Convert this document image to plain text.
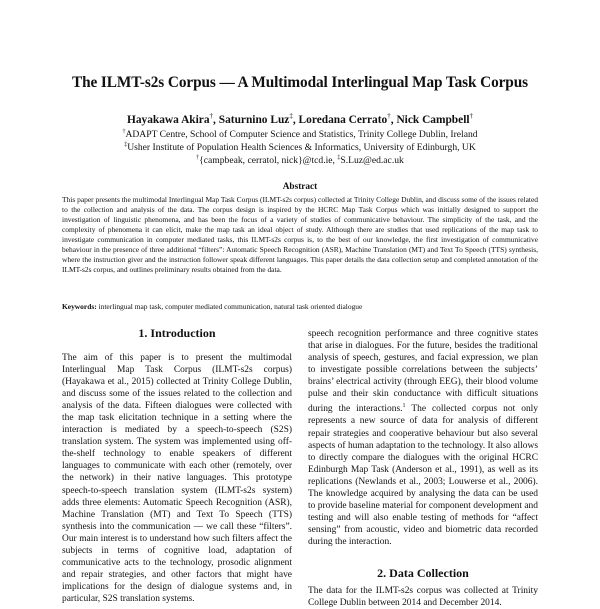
The ILMT-s2s Corpus — A Multimodal Interlingual Map Task Corpus
Hayakawa Akira†, Saturnino Luz‡, Loredana Cerrato†, Nick Campbell†
†ADAPT Centre, School of Computer Science and Statistics, Trinity College Dublin, Ireland
‡Usher Institute of Population Health Sciences & Informatics, University of Edinburgh, UK
†{campbeak, cerratol, nick}@tcd.ie, ‡S.Luz@ed.ac.uk
Abstract

This paper presents the multimodal Interlingual Map Task Corpus (ILMT-s2s corpus) collected at Trinity College Dublin, and discuss some of the issues related to the collection and analysis of the data. The corpus design is inspired by the HCRC Map Task Corpus which was initially designed to support the investigation of linguistic phenomena, and has been the focus of a variety of studies of communicative behaviour. The simplicity of the task, and the complexity of phenomena it can elicit, make the map task an ideal object of study. Although there are studies that used replications of the map task to investigate communication in computer mediated tasks, this ILMT-s2s corpus is, to the best of our knowledge, the first investigation of communicative behaviour in the presence of three additional “filters”: Automatic Speech Recognition (ASR), Machine Translation (MT) and Text To Speech (TTS) synthesis, where the instruction giver and the instruction follower speak different languages. This paper details the data collection setup and completed annotation of the ILMT-s2s corpus, and outlines preliminary results obtained from the data.

Keywords: interlingual map task, computer mediated communication, natural task oriented dialogue

1. Introduction

The aim of this paper is to present the multimodal Interlingual Map Task Corpus (ILMT-s2s corpus) (Hayakawa et al., 2015) collected at Trinity College Dublin, and discuss some of the issues related to the collection and analysis of the data. Fifteen dialogues were collected with the map task elicitation technique in a setting where the interaction is mediated by a speech-to-speech (S2S) translation system. The system was implemented using off-the-shelf technology to enable speakers of different languages to communicate with each other (remotely, over the network) in their native languages. This prototype speech-to-speech translation system (ILMT-s2s system) adds three elements: Automatic Speech Recognition (ASR), Machine Translation (MT) and Text To Speech (TTS) synthesis into the communication — we call these “filters”. Our main interest is to understand how such filters affect the subjects in terms of cognitive load, adaptation of communicative acts to the technology, prosodic alignment and repair strategies, and other factors that might have implications for the design of dialogue systems and, in particular, S2S translation systems.

speech recognition performance and three cognitive states that arise in dialogues. For the future, besides the traditional analysis of speech, gestures, and facial expression, we plan to investigate possible correlations between the subjects’ brains’ electrical activity (through EEG), their blood volume pulse and their skin conductance with difficult situations during the interactions.$^1$ The collected corpus not only represents a new source of data for analysis of different repair strategies and cooperative behaviour but also several aspects of human adaptation to the technology. It also allows to directly compare the dialogues with the original HCRC Edinburgh Map Task (Anderson et al., 1991), as well as its replications (Newlands et al., 2003; Louwerse et al., 2006). The knowledge acquired by analysing the data can be used to provide baseline material for component development and testing and will also enable testing of methods for “affect sensing” from acoustic, video and biometric data recorded during the interaction.

2. Data Collection

The data for the ILMT-s2s corpus was collected at Trinity College Dublin between 2014 and December 2014.
